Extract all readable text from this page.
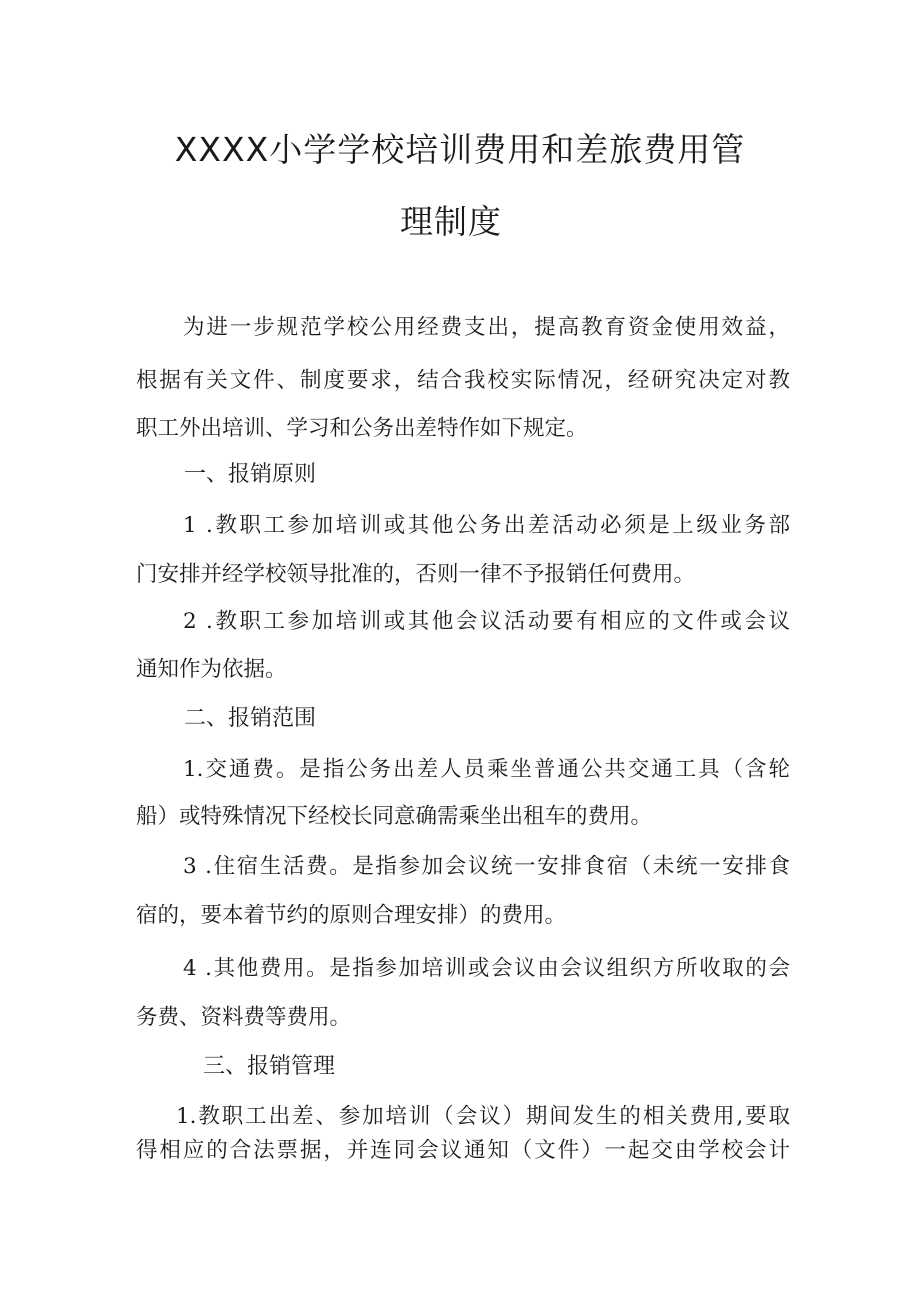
XXXX小学学校培训费用和差旅费用管
理制度
为进一步规范学校公用经费支出，提高教育资金使用效益，
根据有关文件、制度要求，结合我校实际情况，经研究决定对教
职工外出培训、学习和公务出差特作如下规定。
一、报销原则
1 .教职工参加培训或其他公务出差活动必须是上级业务部
门安排并经学校领导批准的，否则一律不予报销任何费用。
2 .教职工参加培训或其他会议活动要有相应的文件或会议
通知作为依据。
二、报销范围
1.交通费。是指公务出差人员乘坐普通公共交通工具（含轮
船）或特殊情况下经校长同意确需乘坐出租车的费用。
3 .住宿生活费。是指参加会议统一安排食宿（未统一安排食
宿的，要本着节约的原则合理安排）的费用。
4 .其他费用。是指参加培训或会议由会议组织方所收取的会
务费、资料费等费用。
三、报销管理
1.教职工出差、参加培训（会议）期间发生的相关费用,要取
得相应的合法票据，并连同会议通知（文件）一起交由学校会计
